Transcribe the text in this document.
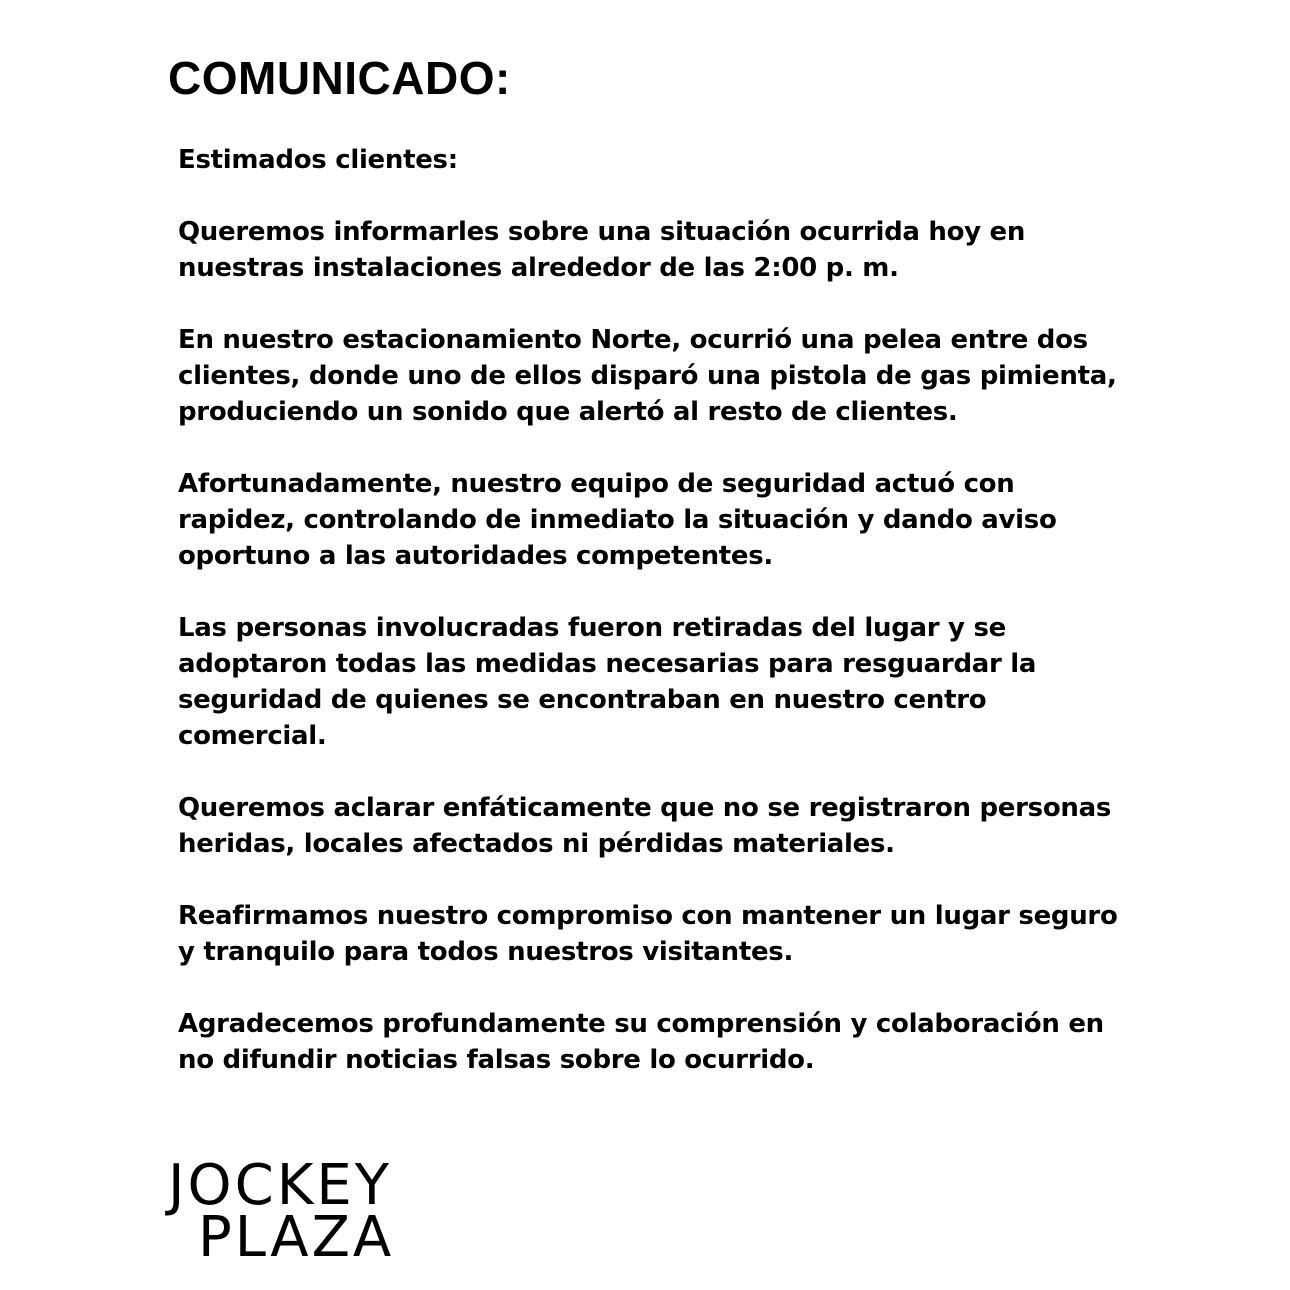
COMUNICADO:
Estimados clientes:
Queremos informarles sobre una situación ocurrida hoy en
nuestras instalaciones alrededor de las 2:00 p. m.
En nuestro estacionamiento Norte, ocurrió una pelea entre dos
clientes, donde uno de ellos disparó una pistola de gas pimienta,
produciendo un sonido que alertó al resto de clientes.
Afortunadamente, nuestro equipo de seguridad actuó con
rapidez, controlando de inmediato la situación y dando aviso
oportuno a las autoridades competentes.
Las personas involucradas fueron retiradas del lugar y se
adoptaron todas las medidas necesarias para resguardar la
seguridad de quienes se encontraban en nuestro centro
comercial.
Queremos aclarar enfáticamente que no se registraron personas
heridas, locales afectados ni pérdidas materiales.
Reafirmamos nuestro compromiso con mantener un lugar seguro
y tranquilo para todos nuestros visitantes.
Agradecemos profundamente su comprensión y colaboración en
no difundir noticias falsas sobre lo ocurrido.
JOCKEY
PLAZA
